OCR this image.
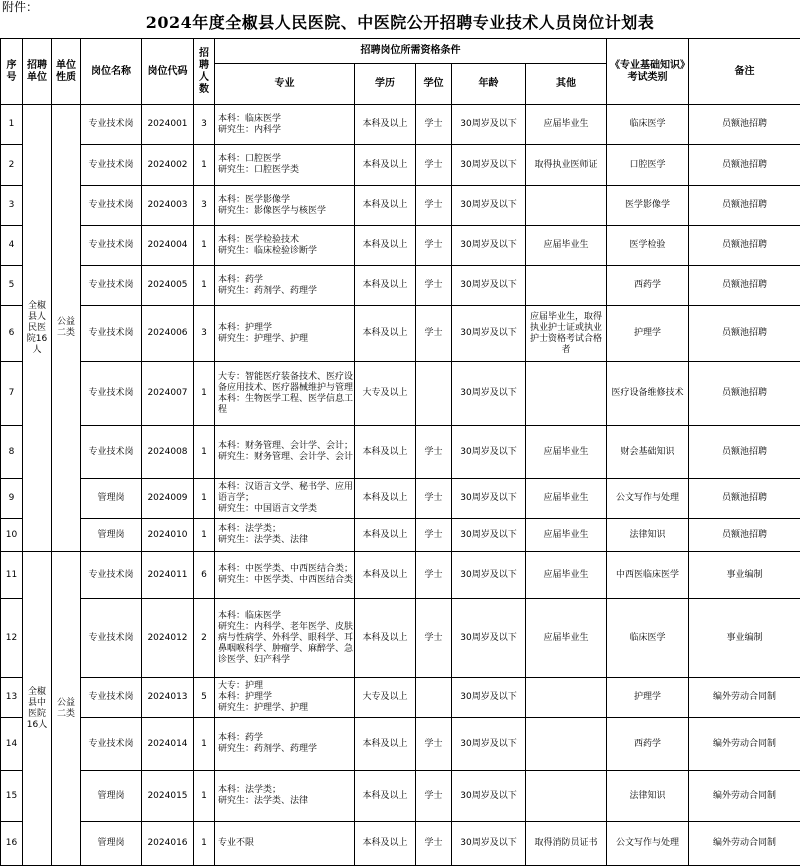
附件：
2024年度全椒县人民医院、中医院公开招聘专业技术人员岗位计划表
序号	招聘单位	单位性质	岗位名称	岗位代码	招聘人数	招聘岗位所需资格条件					《专业基础知识》考试类别	备注
						专业	学历	学位	年龄	其他		
1	全椒县人民医院16人	公益二类	专业技术岗	2024001	3	本科：临床医学
研究生：内科学	本科及以上	学士	30周岁及以下	应届毕业生	临床医学	员额池招聘
2			专业技术岗	2024002	1	本科：口腔医学
研究生：口腔医学类	本科及以上	学士	30周岁及以下	取得执业医师证	口腔医学	员额池招聘
3			专业技术岗	2024003	3	本科：医学影像学
研究生：影像医学与核医学	本科及以上	学士	30周岁及以下		医学影像学	员额池招聘
4			专业技术岗	2024004	1	本科：医学检验技术
研究生：临床检验诊断学	本科及以上	学士	30周岁及以下	应届毕业生	医学检验	员额池招聘
5			专业技术岗	2024005	1	本科：药学
研究生：药剂学、药理学	本科及以上	学士	30周岁及以下		西药学	员额池招聘
6			专业技术岗	2024006	3	本科：护理学
研究生：护理学、护理	本科及以上	学士	30周岁及以下	应届毕业生，取得执业护士证或执业护士资格考试合格者	护理学	员额池招聘
7			专业技术岗	2024007	1	大专：智能医疗装备技术、医疗设备应用技术、医疗器械维护与管理
本科：生物医学工程、医学信息工程	大专及以上		30周岁及以下		医疗设备维修技术	员额池招聘
8			专业技术岗	2024008	1	本科：财务管理、会计学、会计；
研究生：财务管理、会计学、会计	本科及以上	学士	30周岁及以下	应届毕业生	财会基础知识	员额池招聘
9			管理岗	2024009	1	本科：汉语言文学、秘书学、应用语言学；
研究生：中国语言文学类	本科及以上	学士	30周岁及以下	应届毕业生	公文写作与处理	员额池招聘
10			管理岗	2024010	1	本科：法学类；
研究生：法学类、法律	本科及以上	学士	30周岁及以下	应届毕业生	法律知识	员额池招聘
11	全椒县中医院16人	公益二类	专业技术岗	2024011	6	本科：中医学类、中西医结合类；研究生：中医学类、中西医结合类	本科及以上	学士	30周岁及以下	应届毕业生	中西医临床医学	事业编制
12			专业技术岗	2024012	2	本科：临床医学
研究生：内科学、老年医学、皮肤病与性病学、外科学、眼科学、耳鼻咽喉科学、肿瘤学、麻醉学、急诊医学、妇产科学	本科及以上	学士	30周岁及以下	应届毕业生	临床医学	事业编制
13			专业技术岗	2024013	5	大专：护理
本科：护理学
研究生：护理学、护理	大专及以上		30周岁及以下		护理学	编外劳动合同制
14			专业技术岗	2024014	1	本科：药学
研究生：药剂学、药理学	本科及以上	学士	30周岁及以下		西药学	编外劳动合同制
15			管理岗	2024015	1	本科：法学类；
研究生：法学类、法律	本科及以上	学士	30周岁及以下		法律知识	编外劳动合同制
16			管理岗	2024016	1	专业不限	本科及以上	学士	30周岁及以下	取得消防员证书	公文写作与处理	编外劳动合同制
